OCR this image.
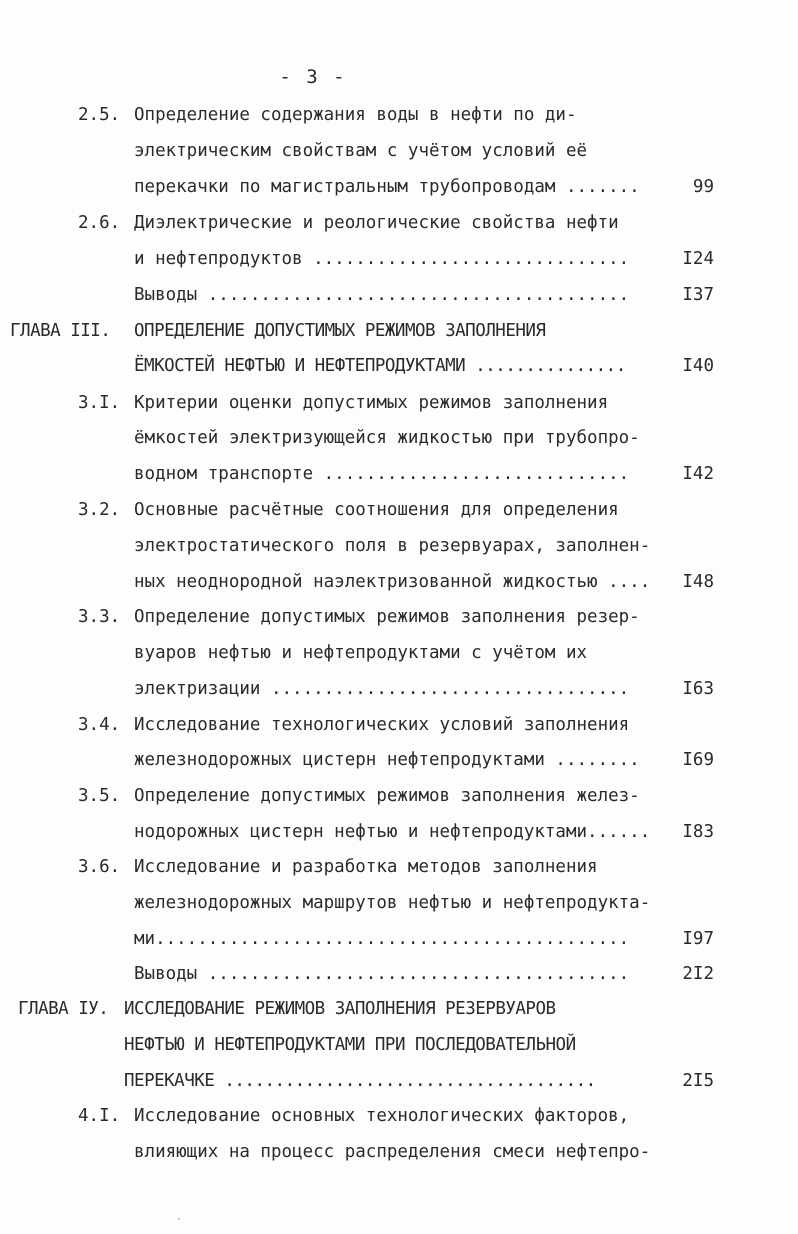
- 3 -
2.5. Определение содержания воды в нефти по ди-
электрическим свойствам с учётом условий её
перекачки по магистральным трубопроводам .......	99
2.6. Диэлектрические и реологические свойства нефти
и нефтепродуктов ..............................	I24
Выводы ........................................	I37
ГЛАВА III. ОПРЕДЕЛЕНИЕ ДОПУСТИМЫХ РЕЖИМОВ ЗАПОЛНЕНИЯ
ЁМКОСТЕЙ НЕФТЬЮ И НЕФТЕПРОДУКТАМИ ...............	I40
3.I. Критерии оценки допустимых режимов заполнения
ёмкостей электризующейся жидкостью при трубопро-
водном транспорте .............................	I42
3.2. Основные расчётные соотношения для определения
электростатического поля в резервуарах, заполнен-
ных неоднородной наэлектризованной жидкостью .... I48
3.3. Определение допустимых режимов заполнения резер-
вуаров нефтью и нефтепродуктами с учётом их
электризации ..................................	I63
3.4. Исследование технологических условий заполнения
железнодорожных цистерн нефтепродуктами ........ I69
3.5. Определение допустимых режимов заполнения желез-
нодорожных цистерн нефтью и нефтепродуктами...... I83
3.6. Исследование и разработка методов заполнения
железнодорожных маршрутов нефтью и нефтепродукта-
ми.............................................	I97
Выводы ........................................	2I2
ГЛАВА IУ. ИССЛЕДОВАНИЕ РЕЖИМОВ ЗАПОЛНЕНИЯ РЕЗЕРВУАРОВ
НЕФТЬЮ И НЕФТЕПРОДУКТАМИ ПРИ ПОСЛЕДОВАТЕЛЬНОЙ
ПЕРЕКАЧКЕ .....................................	2I5
4.I. Исследование основных технологических факторов,
влияющих на процесс распределения смеси нефтепро-
